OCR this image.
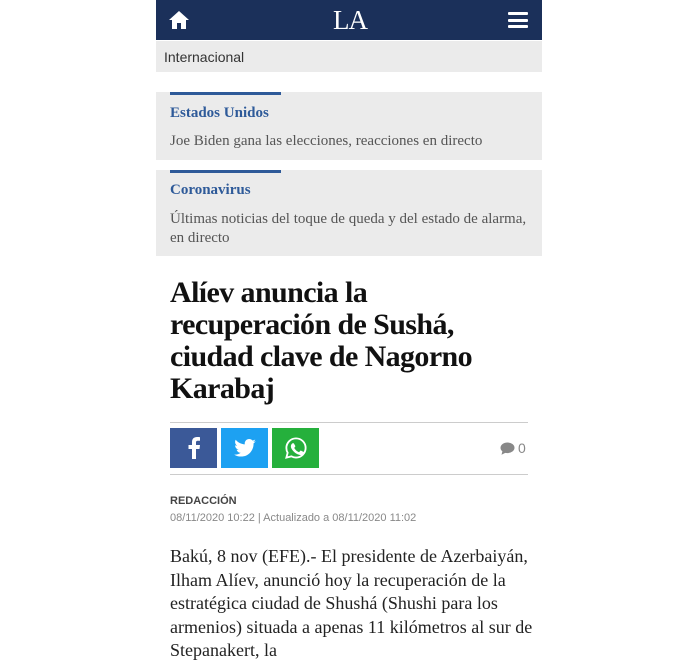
LA
Internacional
Estados Unidos
Joe Biden gana las elecciones, reacciones en directo
Coronavirus
Últimas noticias del toque de queda y del estado de alarma, en directo
Alíev anuncia la recuperación de Sushá, ciudad clave de Nagorno Karabaj
0
REDACCIÓN
08/11/2020 10:22 | Actualizado a 08/11/2020 11:02

Bakú, 8 nov (EFE).- El presidente de Azerbaiyán, Ilham Alíev, anunció hoy la recuperación de la estratégica ciudad de Shushá (Shushi para los armenios) situada a apenas 11 kilómetros al sur de Stepanakert, la
